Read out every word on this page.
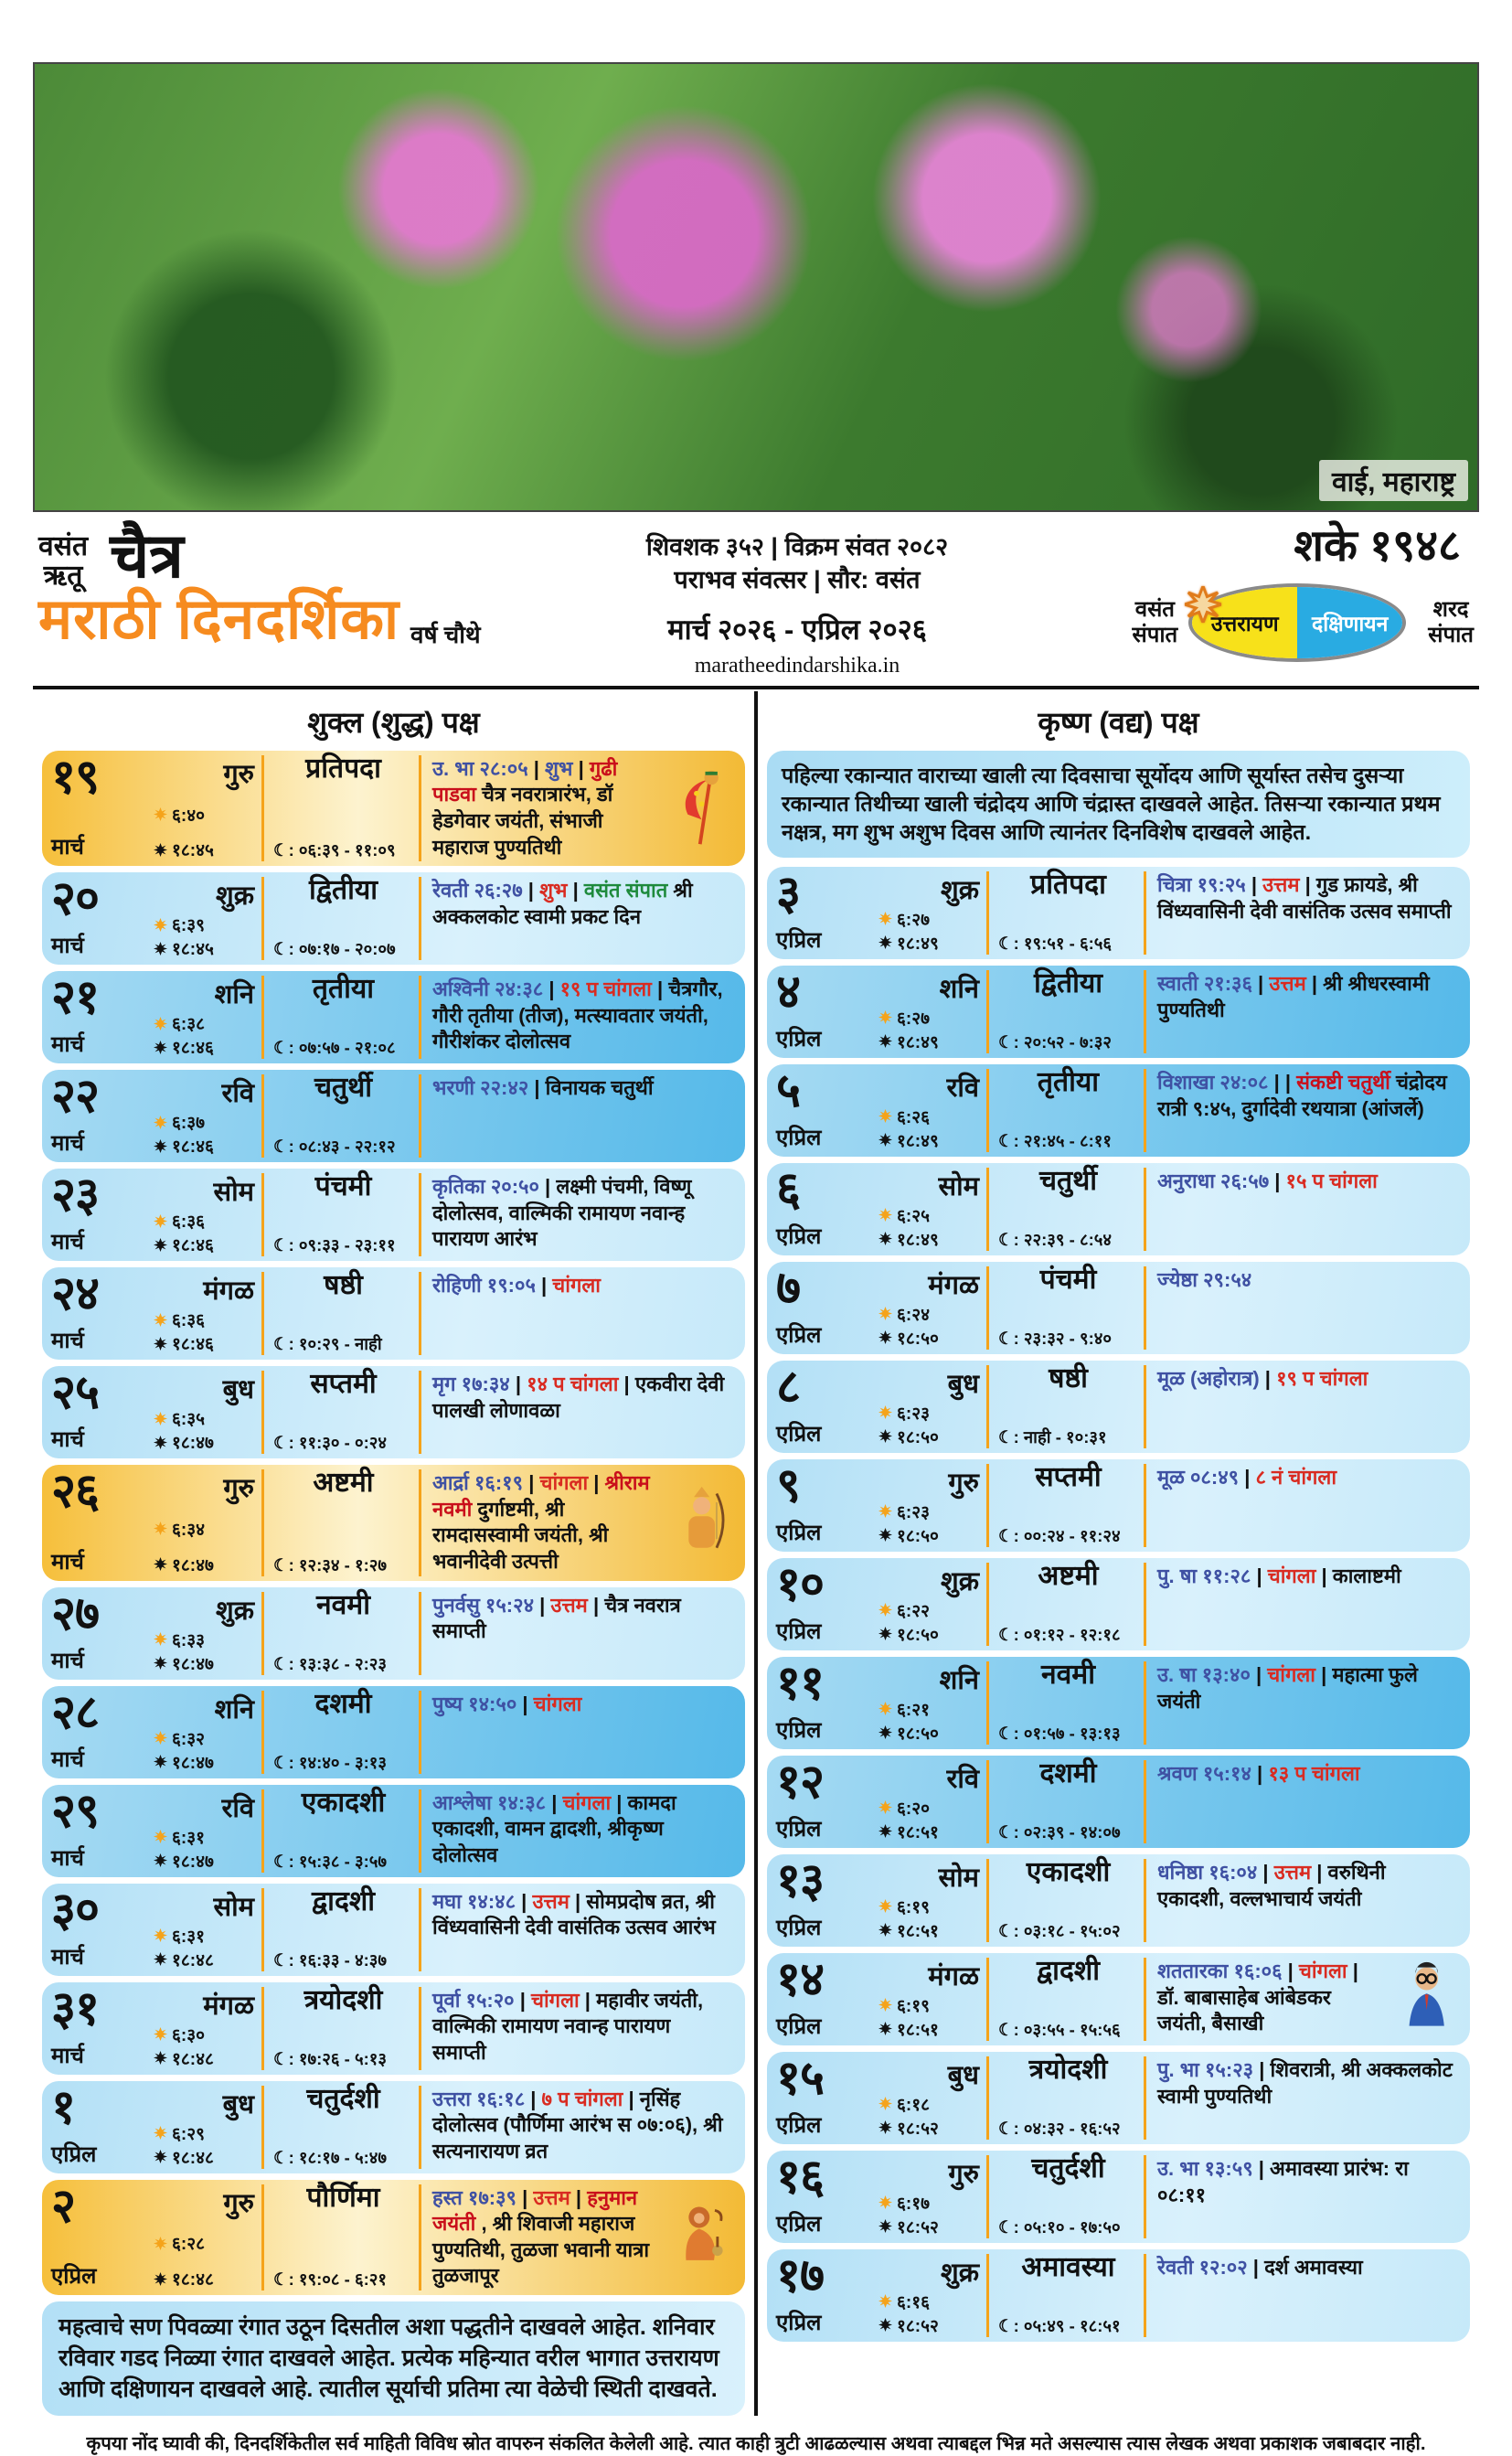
वाई, महाराष्ट्र
वसंत
ऋतू चैत्र
मराठी दिनदर्शिका वर्ष चौथे
शिवशक ३५२ | विक्रम संवत २०८२
पराभव संवत्सर | सौर: वसंत
मार्च २०२६ - एप्रिल २०२६
maratheedindarshika.in
शके १९४८
वसंत
संपात	उत्तरायण	दक्षिणायन
शरद
संपात
शुक्ल (शुद्ध) पक्ष
१९
मार्च
गुरु
६:४०
१८:४५
प्रतिपदा
☾: ०६:३९ - ११:०९
उ. भा २८:०५ | शुभ | गुढी पाडवा चैत्र नवरात्रारंभ, डॉ हेडगेवार जयंती, संभाजी महाराज पुण्यतिथी
२०
मार्च
शुक्र
६:३९
१८:४५
द्वितीया
☾: ०७:१७ - २०:०७
रेवती २६:२७ | शुभ | वसंत संपात श्री अक्कलकोट स्वामी प्रकट दिन
२१
मार्च
शनि
६:३८
१८:४६
तृतीया
☾: ०७:५७ - २१:०८
अश्विनी २४:३८ | १९ प चांगला | चैत्रगौर, गौरी तृतीया (तीज), मत्स्यावतार जयंती, गौरीशंकर दोलोत्सव
२२
मार्च
रवि
६:३७
१८:४६
चतुर्थी
☾: ०८:४३ - २२:१२
भरणी २२:४२ | विनायक चतुर्थी
२३
मार्च
सोम
६:३६
१८:४६
पंचमी
☾: ०९:३३ - २३:११
कृतिका २०:५० | लक्ष्मी पंचमी, विष्णू दोलोत्सव, वाल्मिकी रामायण नवान्ह पारायण आरंभ
२४
मार्च
मंगळ
६:३६
१८:४६
षष्ठी
☾: १०:२९ - नाही
रोहिणी १९:०५ | चांगला
२५
मार्च
बुध
६:३५
१८:४७
सप्तमी
☾: ११:३० - ०:२४
मृग १७:३४ | १४ प चांगला | एकवीरा देवी पालखी लोणावळा
२६
मार्च
गुरु
६:३४
१८:४७
अष्टमी
☾: १२:३४ - १:२७
आर्द्रा १६:१९ | चांगला | श्रीराम नवमी दुर्गाष्टमी, श्री रामदासस्वामी जयंती, श्री भवानीदेवी उत्पत्ती
२७
मार्च
शुक्र
६:३३
१८:४७
नवमी
☾: १३:३८ - २:२३
पुनर्वसु १५:२४ | उत्तम | चैत्र नवरात्र समाप्ती
२८
मार्च
शनि
६:३२
१८:४७
दशमी
☾: १४:४० - ३:१३
पुष्य १४:५० | चांगला
२९
मार्च
रवि
६:३१
१८:४७
एकादशी
☾: १५:३८ - ३:५७
आश्लेषा १४:३८ | चांगला | कामदा एकादशी, वामन द्वादशी, श्रीकृष्ण दोलोत्सव
३०
मार्च
सोम
६:३१
१८:४८
द्वादशी
☾: १६:३३ - ४:३७
मघा १४:४८ | उत्तम | सोमप्रदोष व्रत, श्री विंध्यवासिनी देवी वासंतिक उत्सव आरंभ
३१
मार्च
मंगळ
६:३०
१८:४८
त्रयोदशी
☾: १७:२६ - ५:१३
पूर्वा १५:२० | चांगला | महावीर जयंती, वाल्मिकी रामायण नवान्ह पारायण समाप्ती
१
एप्रिल
बुध
६:२९
१८:४८
चतुर्दशी
☾: १८:१७ - ५:४७
उत्तरा १६:१८ | ७ प चांगला | नृसिंह दोलोत्सव (पौर्णिमा आरंभ स ०७:०६), श्री सत्यनारायण व्रत
२
एप्रिल
गुरु
६:२८
१८:४८
पौर्णिमा
☾: १९:०८ - ६:२१
हस्त १७:३९ | उत्तम | हनुमान जयंती , श्री शिवाजी महाराज पुण्यतिथी, तुळजा भवानी यात्रा तुळजापूर
महत्वाचे सण पिवळ्या रंगात उठून दिसतील अशा पद्धतीने दाखवले आहेत. शनिवार रविवार गडद निळ्या रंगात दाखवले आहेत. प्रत्येक महिन्यात वरील भागात उत्तरायण आणि दक्षिणायन दाखवले आहे. त्यातील सूर्याची प्रतिमा त्या वेळेची स्थिती दाखवते.
कृष्ण (वद्य) पक्ष
पहिल्या रकान्यात वाराच्या खाली त्या दिवसाचा सूर्योदय आणि सूर्यास्त तसेच दुसऱ्या रकान्यात तिथीच्या खाली चंद्रोदय आणि चंद्रास्त दाखवले आहेत. तिसऱ्या रकान्यात प्रथम नक्षत्र, मग शुभ अशुभ दिवस आणि त्यानंतर दिनविशेष दाखवले आहेत.
३
एप्रिल
शुक्र
६:२७
१८:४९
प्रतिपदा
☾: १९:५१ - ६:५६
चित्रा १९:२५ | उत्तम | गुड फ्रायडे, श्री विंध्यवासिनी देवी वासंतिक उत्सव समाप्ती
४
एप्रिल
शनि
६:२७
१८:४९
द्वितीया
☾: २०:५२ - ७:३२
स्वाती २१:३६ | उत्तम | श्री श्रीधरस्वामी पुण्यतिथी
५
एप्रिल
रवि
६:२६
१८:४९
तृतीया
☾: २१:४५ - ८:११
विशाखा २४:०८ | | संकष्टी चतुर्थी चंद्रोदय रात्री ९:४५, दुर्गादेवी रथयात्रा (आंजर्ले)
६
एप्रिल
सोम
६:२५
१८:४९
चतुर्थी
☾: २२:३९ - ८:५४
अनुराधा २६:५७ | १५ प चांगला
७
एप्रिल
मंगळ
६:२४
१८:५०
पंचमी
☾: २३:३२ - ९:४०
ज्येष्ठा २९:५४
८
एप्रिल
बुध
६:२३
१८:५०
षष्ठी
☾: नाही - १०:३१
मूळ (अहोरात्र) | १९ प चांगला
९
एप्रिल
गुरु
६:२३
१८:५०
सप्तमी
☾: ००:२४ - ११:२४
मूळ ०८:४९ | ८ नं चांगला
१०
एप्रिल
शुक्र
६:२२
१८:५०
अष्टमी
☾: ०१:१२ - १२:१८
पु. षा ११:२८ | चांगला | कालाष्टमी
११
एप्रिल
शनि
६:२१
१८:५०
नवमी
☾: ०१:५७ - १३:१३
उ. षा १३:४० | चांगला | महात्मा फुले जयंती
१२
एप्रिल
रवि
६:२०
१८:५१
दशमी
☾: ०२:३९ - १४:०७
श्रवण १५:१४ | १३ प चांगला
१३
एप्रिल
सोम
६:१९
१८:५१
एकादशी
☾: ०३:१८ - १५:०२
धनिष्ठा १६:०४ | उत्तम | वरुथिनी एकादशी, वल्लभाचार्य जयंती
१४
एप्रिल
मंगळ
६:१९
१८:५१
द्वादशी
☾: ०३:५५ - १५:५६
शततारका १६:०६ | चांगला | डॉ. बाबासाहेब आंबेडकर जयंती, बैसाखी
१५
एप्रिल
बुध
६:१८
१८:५२
त्रयोदशी
☾: ०४:३२ - १६:५२
पु. भा १५:२३ | शिवरात्री, श्री अक्कलकोट स्वामी पुण्यतिथी
१६
एप्रिल
गुरु
६:१७
१८:५२
चतुर्दशी
☾: ०५:१० - १७:५०
उ. भा १३:५९ | अमावस्या प्रारंभ: रा ०८:११
१७
एप्रिल
शुक्र
६:१६
१८:५२
अमावस्या
☾: ०५:४९ - १८:५१
रेवती १२:०२ | दर्श अमावस्या
कृपया नोंद घ्यावी की, दिनदर्शिकेतील सर्व माहिती विविध स्रोत वापरुन संकलित केलेली आहे. त्यात काही त्रुटी आढळल्यास अथवा त्याबद्दल भिन्न मते असल्यास त्यास लेखक अथवा प्रकाशक जबाबदार नाही.
